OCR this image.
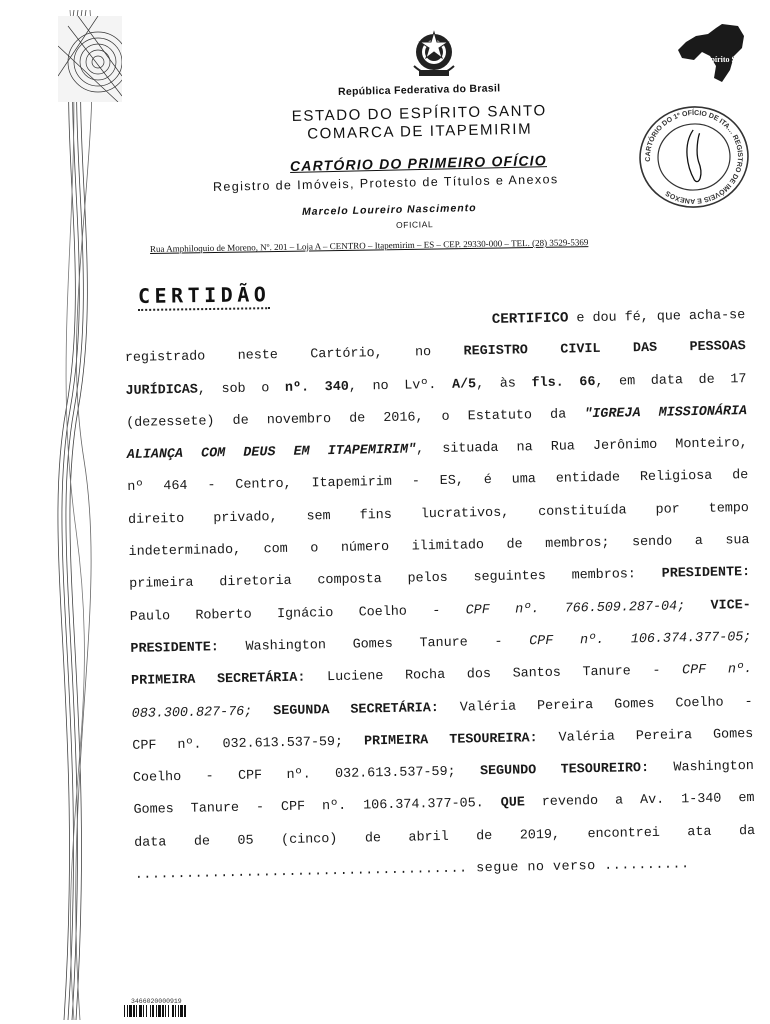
Espírito Santo
República Federativa do Brasil
ESTADO DO ESPÍRITO SANTO
COMARCA DE ITAPEMIRIM
CARTÓRIO DO PRIMEIRO OFÍCIO
Registro de Imóveis, Protesto de Títulos e Anexos
Marcelo Loureiro Nascimento
OFICIAL
Rua Amphiloquio de Moreno, Nº. 201 – Loja A – CENTRO – Itapemirim – ES – CEP. 29330-000 – TEL. (28) 3529-5369
CARTÓRIO DO 1º OFÍCIO DE ITA… REGISTRO DE IMÓVEIS E ANEXOS
CERTIDÃO
CERTIFICO e dou fé, que acha-se
registrado neste Cartório, no REGISTRO CIVIL DAS PESSOAS
JURÍDICAS, sob o nº. 340, no Lvº. A/5, às fls. 66, em data de 17
(dezessete) de novembro de 2016, o Estatuto da "IGREJA MISSIONÁRIA
ALIANÇA COM DEUS EM ITAPEMIRIM", situada na Rua Jerônimo Monteiro,
nº 464 - Centro, Itapemirim - ES, é uma entidade Religiosa de
direito privado, sem fins lucrativos, constituída por tempo
indeterminado, com o número ilimitado de membros; sendo a sua
primeira diretoria composta pelos seguintes membros: PRESIDENTE:
Paulo Roberto Ignácio Coelho - CPF nº. 766.509.287-04; VICE-
PRESIDENTE: Washington Gomes Tanure - CPF nº. 106.374.377-05;
PRIMEIRA SECRETÁRIA: Luciene Rocha dos Santos Tanure - CPF nº.
083.300.827-76; SEGUNDA SECRETÁRIA: Valéria Pereira Gomes Coelho -
CPF nº. 032.613.537-59; PRIMEIRA TESOUREIRA: Valéria Pereira Gomes
Coelho - CPF nº. 032.613.537-59; SEGUNDO TESOUREIRO: Washington
Gomes Tanure - CPF nº. 106.374.377-05. QUE revendo a Av. 1-340 em
data de 05 (cinco) de abril de 2019, encontrei ata da
....................................... segue no verso ..........
3466020000919
